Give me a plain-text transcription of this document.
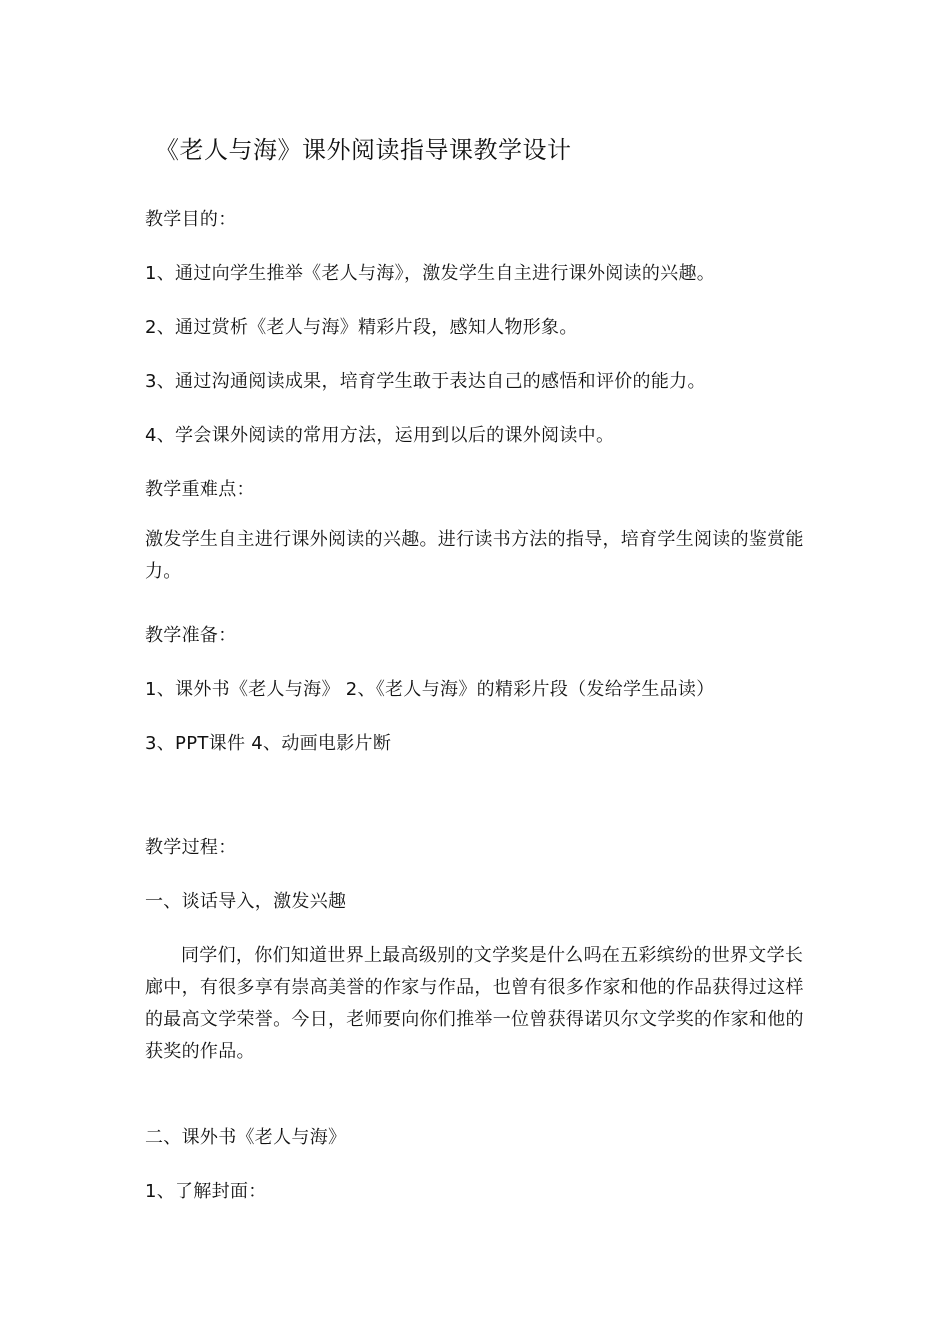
《老人与海》课外阅读指导课教学设计
教学目的：
1、通过向学生推举《老人与海》，激发学生自主进行课外阅读的兴趣。
2、通过赏析《老人与海》精彩片段，感知人物形象。
3、通过沟通阅读成果，培育学生敢于表达自己的感悟和评价的能力。
4、学会课外阅读的常用方法，运用到以后的课外阅读中。
教学重难点：
激发学生自主进行课外阅读的兴趣。进行读书方法的指导，培育学生阅读的鉴赏能力。
教学准备：
1、课外书《老人与海》 2、《老人与海》的精彩片段（发给学生品读）
3、PPT课件 4、动画电影片断
教学过程：
一、谈话导入，激发兴趣
同学们，你们知道世界上最高级别的文学奖是什么吗在五彩缤纷的世界文学长廊中，有很多享有崇高美誉的作家与作品，也曾有很多作家和他的作品获得过这样的最高文学荣誉。今日，老师要向你们推举一位曾获得诺贝尔文学奖的作家和他的获奖的作品。
二、课外书《老人与海》
1、了解封面：
